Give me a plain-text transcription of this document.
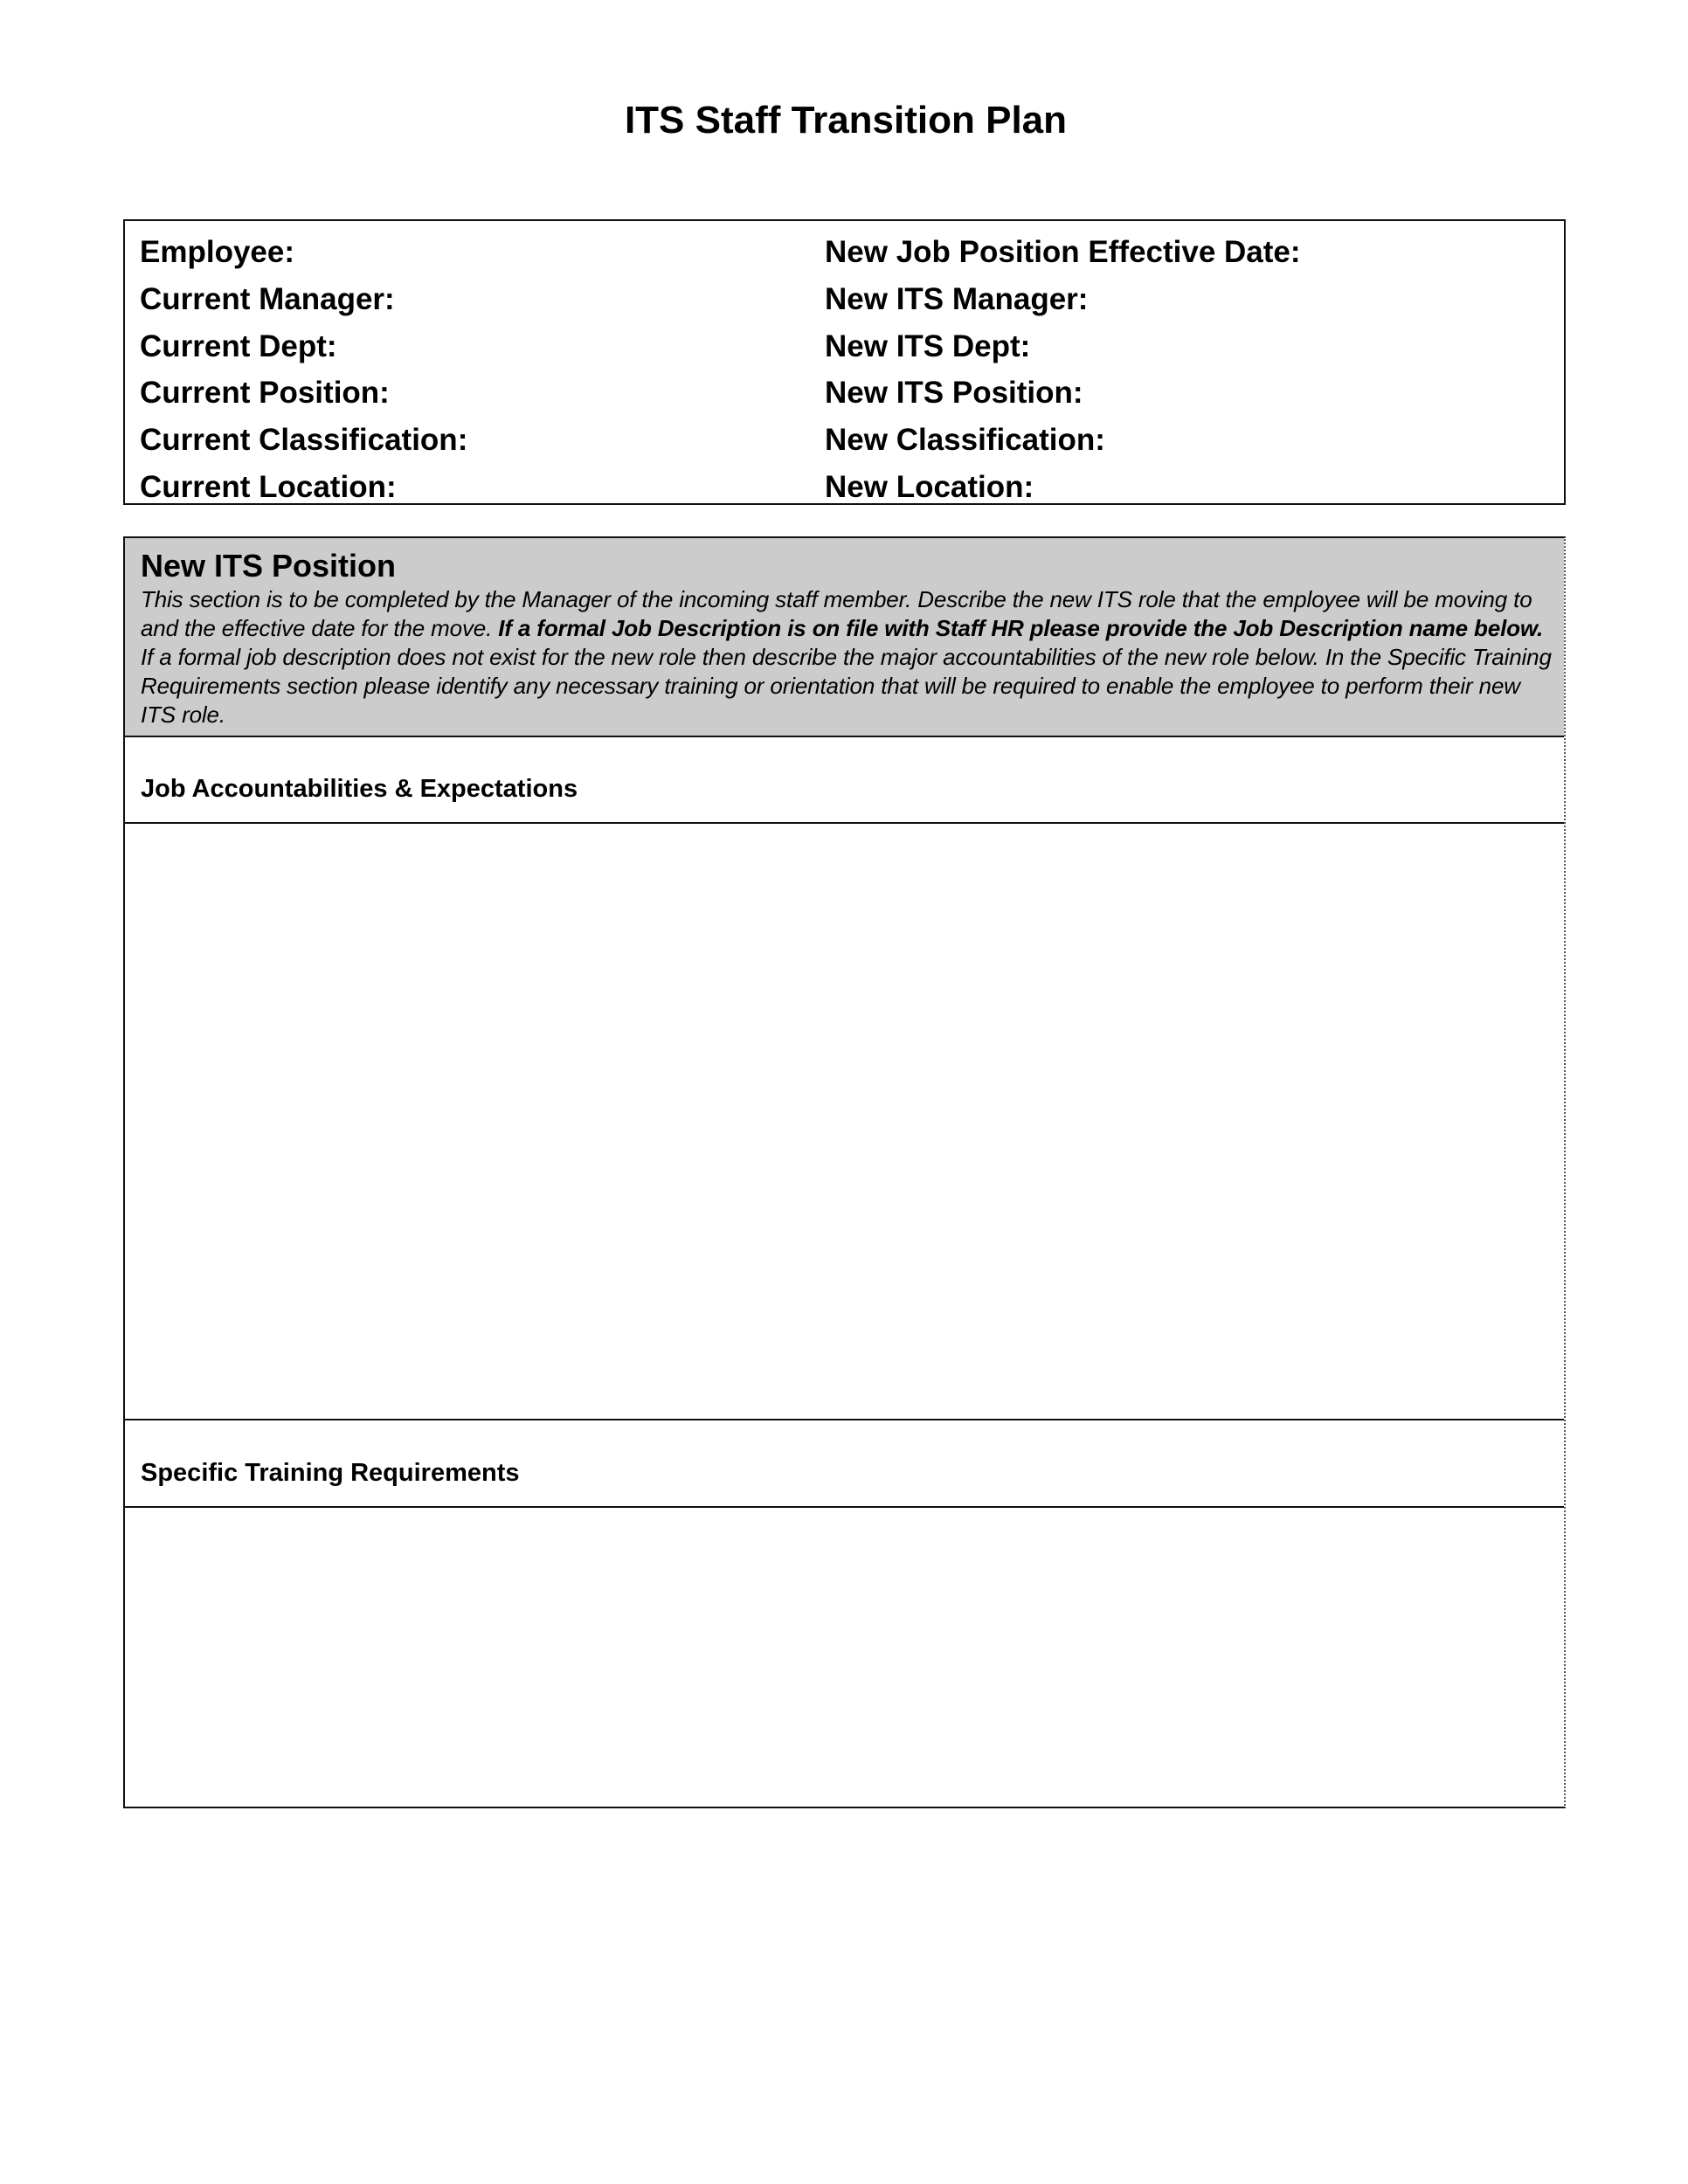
ITS Staff Transition Plan
Employee:
Current Manager:
Current Dept:
Current Position:
Current Classification:
Current Location:
New Job Position Effective Date:
New ITS Manager:
New ITS Dept:
New ITS Position:
New Classification:
New Location:
New ITS Position
This section is to be completed by the Manager of the incoming staff member. Describe the new ITS role that the employee will be moving to and the effective date for the move. If a formal Job Description is on file with Staff HR please provide the Job Description name below. If a formal job description does not exist for the new role then describe the major accountabilities of the new role below. In the Specific Training Requirements section please identify any necessary training or orientation that will be required to enable the employee to perform their new ITS role.
Job Accountabilities & Expectations
Specific Training Requirements
